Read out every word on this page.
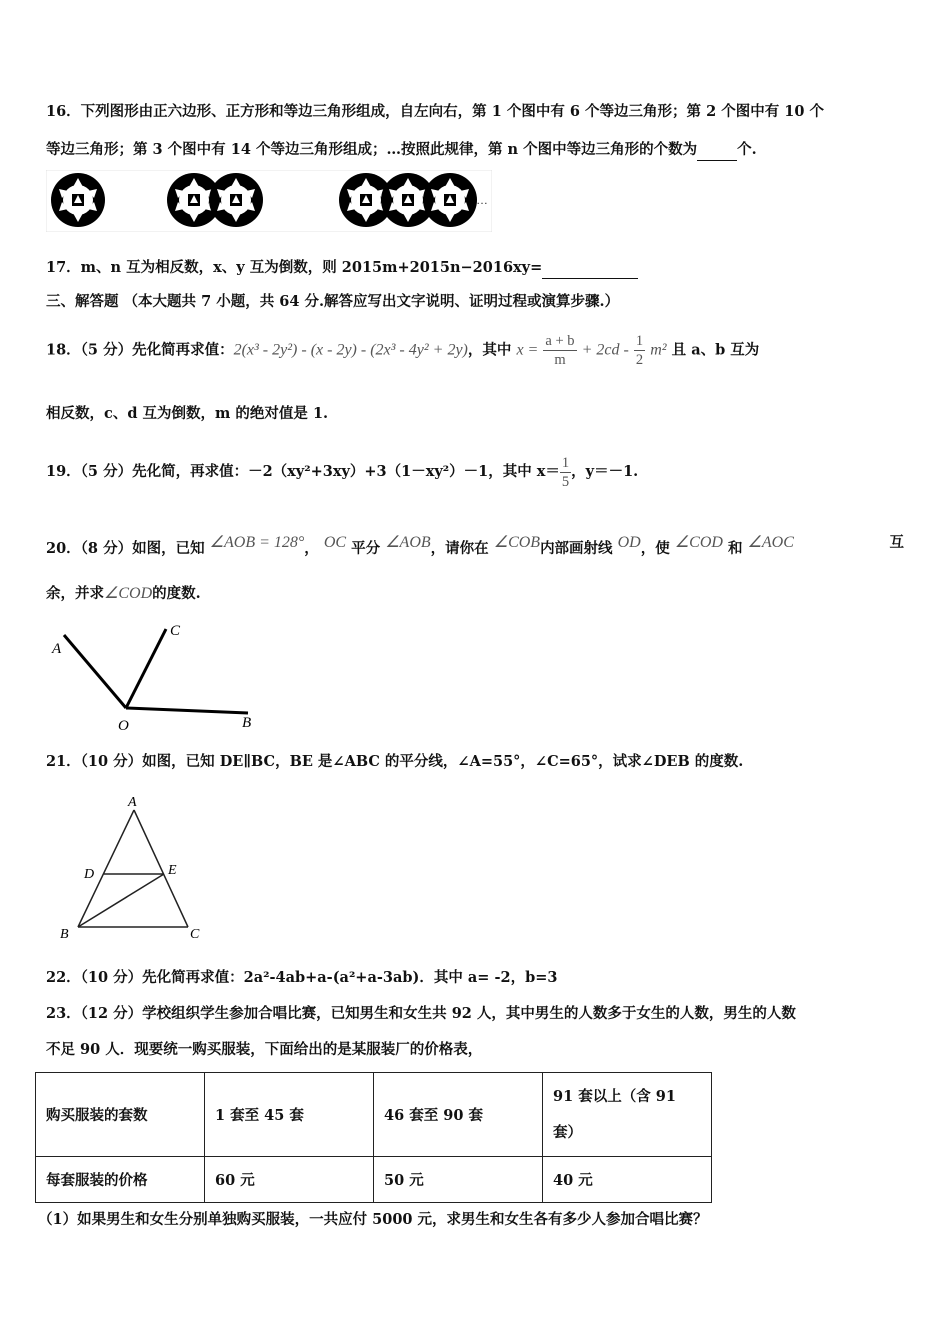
16．下列图形由正六边形、正方形和等边三角形组成，自左向右，第 1 个图中有 6 个等边三角形；第 2 个图中有 10 个
等边三角形；第 3 个图中有 14 个等边三角形组成；…按照此规律，第 n 个图中等边三角形的个数为	个.
…
17．m、n 互为相反数，x、y 互为倒数，则 2015m+2015n−2016xy=
三、解答题 （本大题共 7 小题，共 64 分.解答应写出文字说明、证明过程或演算步骤.）
18．（5 分）先化简再求值：2(x³ - 2y²) - (x - 2y) - (2x³ - 4y² + 2y)，其中 $x = \frac{a + b}{m} + 2cd - \frac{1}{2} m^2$ 且 a、b 互为
相反数，c、d 互为倒数，m 的绝对值是 1.
19．（5 分）先化简，再求值：－2（xy²+3xy）+3（1－xy²）－1，其中 $x= \frac{1}{5}$ ，y＝－1.
20．（8 分）如图，已知 ∠AOB = 128°， OC 平分 ∠AOB，请你在 ∠COB内部画射线 OD，使 ∠COD 和 ∠AOC	互
余，并求∠COD的度数.
A
C
O	B
21．（10 分）如图，已知 DE∥BC，BE 是∠ABC 的平分线，∠A=55°，∠C=65°，试求∠DEB 的度数.
A
D	E
B	C
22．（10 分）先化简再求值：2a²-4ab+a-(a²+a-3ab)．其中 a= -2，b=3
23．（12 分）学校组织学生参加合唱比赛，已知男生和女生共 92 人，其中男生的人数多于女生的人数，男生的人数
不足 90 人．现要统一购买服装，下面给出的是某服装厂的价格表，
购买服装的套数	1 套至 45 套	46 套至 90 套	91 套以上（含 91
套）

每套服装的价格	60 元	50 元	40 元
（1）如果男生和女生分别单独购买服装，一共应付 5000 元，求男生和女生各有多少人参加合唱比赛？
